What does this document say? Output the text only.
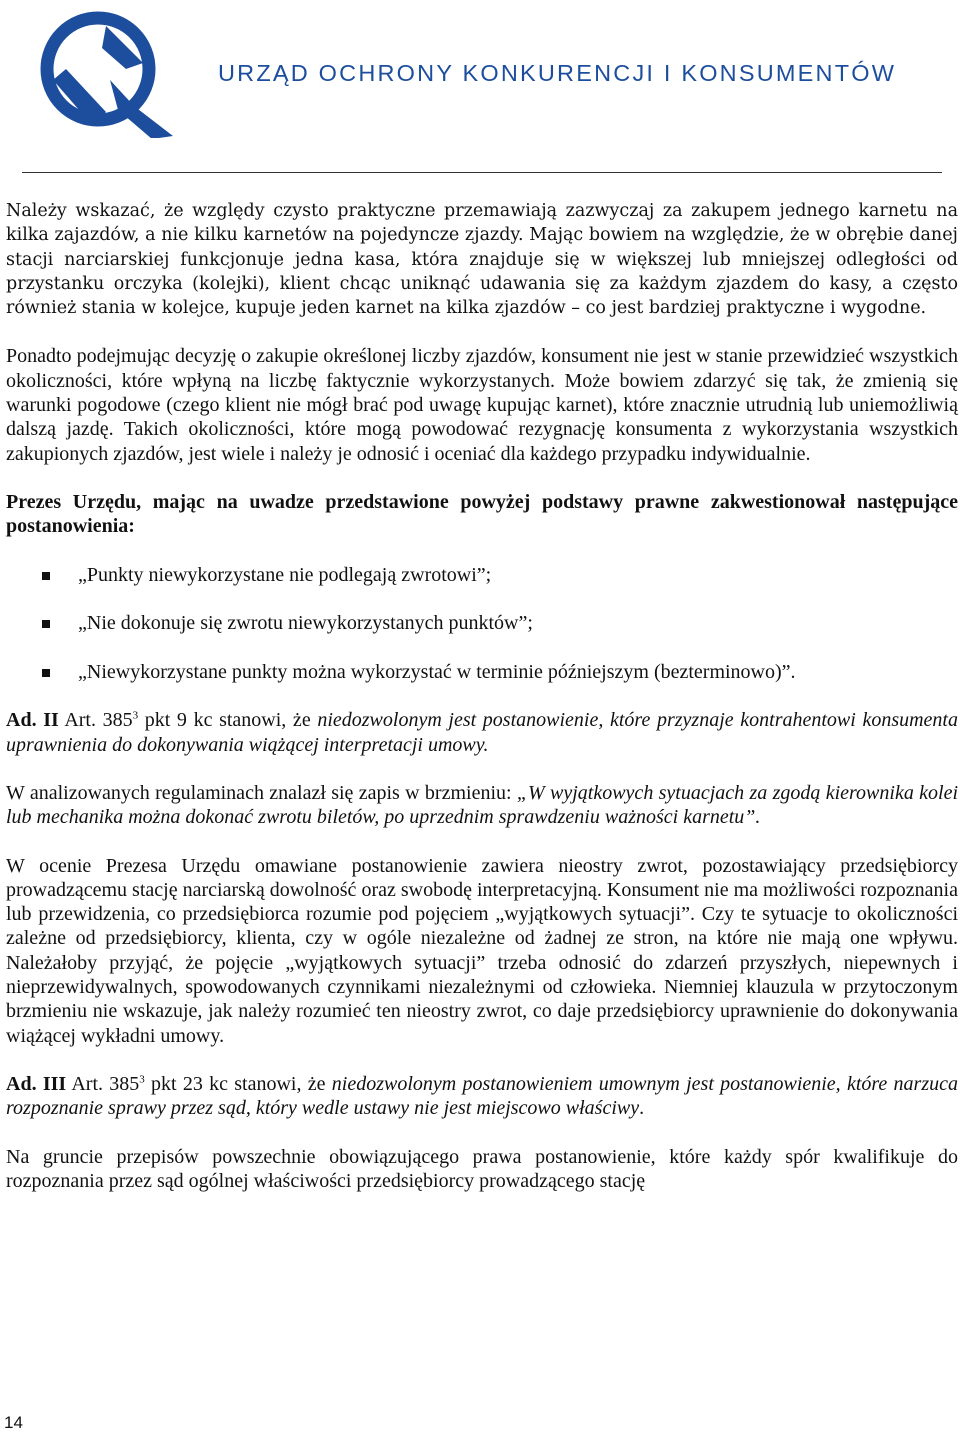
URZĄD OCHRONY KONKURENCJI I KONSUMENTÓW

Należy wskazać, że względy czysto praktyczne przemawiają zazwyczaj za zakupem jednego karnetu na kilka zajazdów, a nie kilku karnetów na pojedyncze zjazdy. Mając bowiem na względzie, że w obrębie danej stacji narciarskiej funkcjonuje jedna kasa, która znajduje się w większej lub mniejszej odległości od przystanku orczyka (kolejki), klient chcąc uniknąć udawania się za każdym zjazdem do kasy, a często również stania w kolejce, kupuje jeden karnet na kilka zjazdów – co jest bardziej praktyczne i wygodne.

Ponadto podejmując decyzję o zakupie określonej liczby zjazdów, konsument nie jest w stanie przewidzieć wszystkich okoliczności, które wpłyną na liczbę faktycznie wykorzystanych. Może bowiem zdarzyć się tak, że zmienią się warunki pogodowe (czego klient nie mógł brać pod uwagę kupując karnet), które znacznie utrudnią lub uniemożliwią dalszą jazdę. Takich okoliczności, które mogą powodować rezygnację konsumenta z wykorzystania wszystkich zakupionych zjazdów, jest wiele i należy je odnosić i oceniać dla każdego przypadku indywidualnie.

Prezes Urzędu, mając na uwadze przedstawione powyżej podstawy prawne zakwestionował następujące postanowienia:

„Punkty niewykorzystane nie podlegają zwrotowi”;
„Nie dokonuje się zwrotu niewykorzystanych punktów”;
„Niewykorzystane punkty można wykorzystać w terminie późniejszym (bezterminowo)”.

Ad. II Art. $385^3$ pkt 9 kc stanowi, że niedozwolonym jest postanowienie, które przyznaje kontrahentowi konsumenta uprawnienia do dokonywania wiążącej interpretacji umowy.

W analizowanych regulaminach znalazł się zapis w brzmieniu: „W wyjątkowych sytuacjach za zgodą kierownika kolei lub mechanika można dokonać zwrotu biletów, po uprzednim sprawdzeniu ważności karnetu”.

W ocenie Prezesa Urzędu omawiane postanowienie zawiera nieostry zwrot, pozostawiający przedsiębiorcy prowadzącemu stację narciarską dowolność oraz swobodę interpretacyjną. Konsument nie ma możliwości rozpoznania lub przewidzenia, co przedsiębiorca rozumie pod pojęciem „wyjątkowych sytuacji”. Czy te sytuacje to okoliczności zależne od przedsiębiorcy, klienta, czy w ogóle niezależne od żadnej ze stron, na które nie mają one wpływu. Należałoby przyjąć, że pojęcie „wyjątkowych sytuacji” trzeba odnosić do zdarzeń przyszłych, niepewnych i nieprzewidywalnych, spowodowanych czynnikami niezależnymi od człowieka. Niemniej klauzula w przytoczonym brzmieniu nie wskazuje, jak należy rozumieć ten nieostry zwrot, co daje przedsiębiorcy uprawnienie do dokonywania wiążącej wykładni umowy.

Ad. III Art. $385^3$ pkt 23 kc stanowi, że niedozwolonym postanowieniem umownym jest postanowienie, które narzuca rozpoznanie sprawy przez sąd, który wedle ustawy nie jest miejscowo właściwy.

Na gruncie przepisów powszechnie obowiązującego prawa postanowienie, które każdy spór kwalifikuje do rozpoznania przez sąd ogólnej właściwości przedsiębiorcy prowadzącego stację

14
